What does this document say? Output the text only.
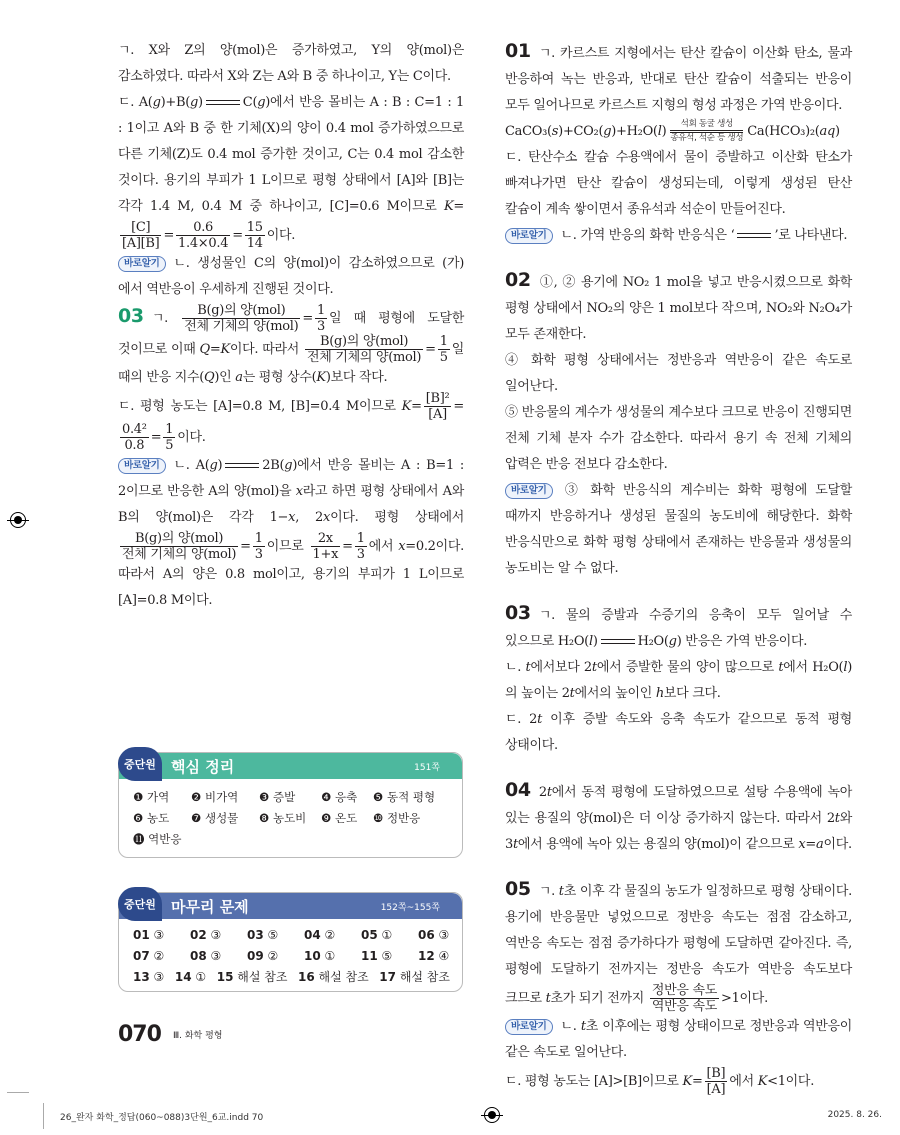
ㄱ. X와 Z의 양(mol)은 증가하였고, Y의 양(mol)은 감소하였다. 따라서 X와 Z는 A와 B 중 하나이고, Y는 C이다.

ㄷ. A(g)+B(g)	C(g)에서 반응 몰비는 A : B : C=1 : 1 : 1이고 A와 B 중 한 기체(X)의 양이 0.4 mol 증가하였으므로 다른 기체(Z)도 0.4 mol 증가한 것이고, C는 0.4 mol 감소한 것이다. 용기의 부피가 1 L이므로 평형 상태에서 [A]와 [B]는 각각 1.4 M, 0.4 M 중 하나이고, [C]=0.6 M이므로 K=
$\frac{[C]}{[A][B]} = \frac{0.6}{1.4\times 0.4} = \frac{15}{14}$ 이다.

바로알기 ㄴ. 생성물인 C의 양(mol)이 감소하였으므로 (가)에서 역반응이 우세하게 진행된 것이다.

03 ㄱ. $\frac{\text{B(g)의 양(mol)}}{\text{전체 기체의 양(mol)}} = \frac{1}{3}$ 일 때 평형에 도달한 것이므로 이때 Q=K이다. 따라서 $\frac{\text{B(g)의 양(mol)}}{\text{전체 기체의 양(mol)}} = \frac{1}{5}$ 일 때의 반응 지수(Q)인 a는 평형 상수(K)보다 작다.

ㄷ. 평형 농도는 [A]=0.8 M, [B]=0.4 M이므로 $K= \frac{\text{[B]²}}{[A]}$ =
$\frac{\text{0.4²}}{0.8} = \frac{1}{5}$ 이다.

바로알기 ㄴ. A(g)	2B(g)에서 반응 몰비는 A : B=1 : 2이므로 반응한 A의 양(mol)을 x라고 하면 평형 상태에서 A와 B의 양(mol)은 각각 1−x, 2x이다. 평형 상태에서
$\frac{\text{B(g)의 양(mol)}}{\text{전체 기체의 양(mol)}} = \frac{1}{3}$ 이므로 $\frac{2x}{1+x} = \frac{1}{3}$ 에서 x=0.2이다. 따라서 A의 양은 0.8 mol이고, 용기의 부피가 1 L이므로 [A]=0.8 M이다.

01 ㄱ. 카르스트 지형에서는 탄산 칼슘이 이산화 탄소, 물과 반응하여 녹는 반응과, 반대로 탄산 칼슘이 석출되는 반응이 모두 일어나므로 카르스트 지형의 형성 과정은 가역 반응이다.

CaCO₃(s)+CO₂(g)+H₂O(l)	석회 동굴 생성
종유석, 석순 등 생성 Ca(HCO₃)₂(aq)

ㄷ. 탄산수소 칼슘 수용액에서 물이 증발하고 이산화 탄소가 빠져나가면 탄산 칼슘이 생성되는데, 이렇게 생성된 탄산 칼슘이 계속 쌓이면서 종유석과 석순이 만들어진다.

바로알기 ㄴ. 가역 반응의 화학 반응식은 ‘	’로 나타낸다.

02 ①, ② 용기에 NO₂ 1 mol을 넣고 반응시켰으므로 화학 평형 상태에서 NO₂의 양은 1 mol보다 작으며, NO₂와 N₂O₄가 모두 존재한다.

④ 화학 평형 상태에서는 정반응과 역반응이 같은 속도로 일어난다.

⑤ 반응물의 계수가 생성물의 계수보다 크므로 반응이 진행되면 전체 기체 분자 수가 감소한다. 따라서 용기 속 전체 기체의 압력은 반응 전보다 감소한다.

바로알기 ③ 화학 반응식의 계수비는 화학 평형에 도달할 때까지 반응하거나 생성된 물질의 농도비에 해당한다. 화학 반응식만으로 화학 평형 상태에서 존재하는 반응물과 생성물의 농도비는 알 수 없다.

03 ㄱ. 물의 증발과 수증기의 응축이 모두 일어날 수 있으므로 H₂O(l)	H₂O(g) 반응은 가역 반응이다.

ㄴ. t에서보다 2t에서 증발한 물의 양이 많으므로 t에서 H₂O(l)의 높이는 2t에서의 높이인 h보다 크다.

ㄷ. 2t 이후 증발 속도와 응축 속도가 같으므로 동적 평형 상태이다.

04 2t에서 동적 평형에 도달하였으므로 설탕 수용액에 녹아 있는 용질의 양(mol)은 더 이상 증가하지 않는다. 따라서 2t와 3t에서 용액에 녹아 있는 용질의 양(mol)이 같으므로 x=a이다.

05 ㄱ. t초 이후 각 물질의 농도가 일정하므로 평형 상태이다. 용기에 반응물만 넣었으므로 정반응 속도는 점점 감소하고, 역반응 속도는 점점 증가하다가 평형에 도달하면 같아진다. 즉, 평형에 도달하기 전까지는 정반응 속도가 역반응 속도보다 크므로 t초가 되기 전까지 $\frac{\text{정반응 속도}}{\text{역반응 속도}} >1$이다.

바로알기 ㄴ. t초 이후에는 평형 상태이므로 정반응과 역반응이 같은 속도로 일어난다.

ㄷ. 평형 농도는 [A]>[B]이므로 $K= \frac{[B]}{[A]}$ 에서 K<1이다.

중단원	핵심 정리	151쪽
❶ 가역	❷ 비가역	❸ 증발	❹ 응축	❺ 동적 평형
❻ 농도	❼ 생성물	❽ 농도비	❾ 온도	❿ 정반응
⓫ 역반응
중단원	마무리 문제	152쪽~155쪽
01 ③	02 ③	03 ⑤	04 ②	05 ①	06 ③
07 ②	08 ③	09 ②	10 ①	11 ⑤	12 ④
13 ③ 14 ① 15 해설 참조 16 해설 참조 17 해설 참조
070 Ⅲ. 화학 평형
26_완자 화학_정답(060~088)3단원_6교.indd 70	2025. 8. 26.
